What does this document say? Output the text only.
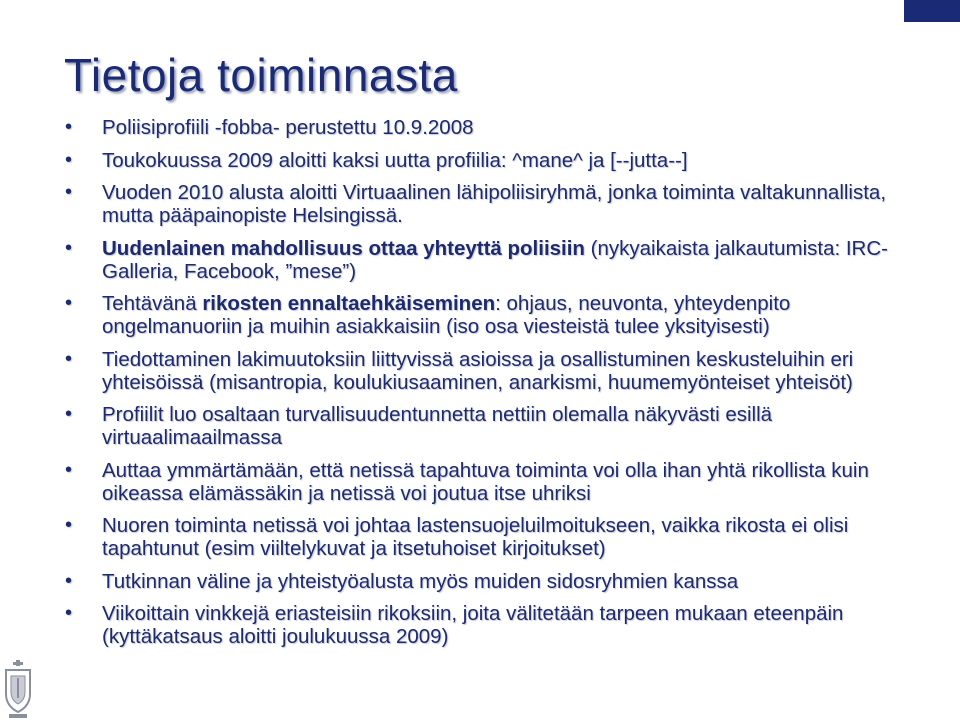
Tietoja toiminnasta
• Poliisiprofiili -fobba- perustettu 10.9.2008
• Toukokuussa 2009 aloitti kaksi uutta profiilia: ^mane^ ja [--jutta--]
• Vuoden 2010 alusta aloitti Virtuaalinen lähipoliisiryhmä, jonka toiminta valtakunnallista, mutta pääpainopiste Helsingissä.
• Uudenlainen mahdollisuus ottaa yhteyttä poliisiin (nykyaikaista jalkautumista: IRC-Galleria, Facebook, ”mese”)
• Tehtävänä rikosten ennaltaehkäiseminen: ohjaus, neuvonta, yhteydenpito ongelmanuoriin ja muihin asiakkaisiin (iso osa viesteistä tulee yksityisesti)
• Tiedottaminen lakimuutoksiin liittyvissä asioissa ja osallistuminen keskusteluihin eri yhteisöissä (misantropia, koulukiusaaminen, anarkismi, huumemyönteiset yhteisöt)
• Profiilit luo osaltaan turvallisuudentunnetta nettiin olemalla näkyvästi esillä virtuaalimaailmassa
• Auttaa ymmärtämään, että netissä tapahtuva toiminta voi olla ihan yhtä rikollista kuin oikeassa elämässäkin ja netissä voi joutua itse uhriksi
• Nuoren toiminta netissä voi johtaa lastensuojeluilmoitukseen, vaikka rikosta ei olisi tapahtunut (esim viiltelykuvat ja itsetuhoiset kirjoitukset)
• Tutkinnan väline ja yhteistyöalusta myös muiden sidosryhmien kanssa
• Viikoittain vinkkejä eriasteisiin rikoksiin, joita välitetään tarpeen mukaan eteenpäin (kyttäkatsaus aloitti joulukuussa 2009)
